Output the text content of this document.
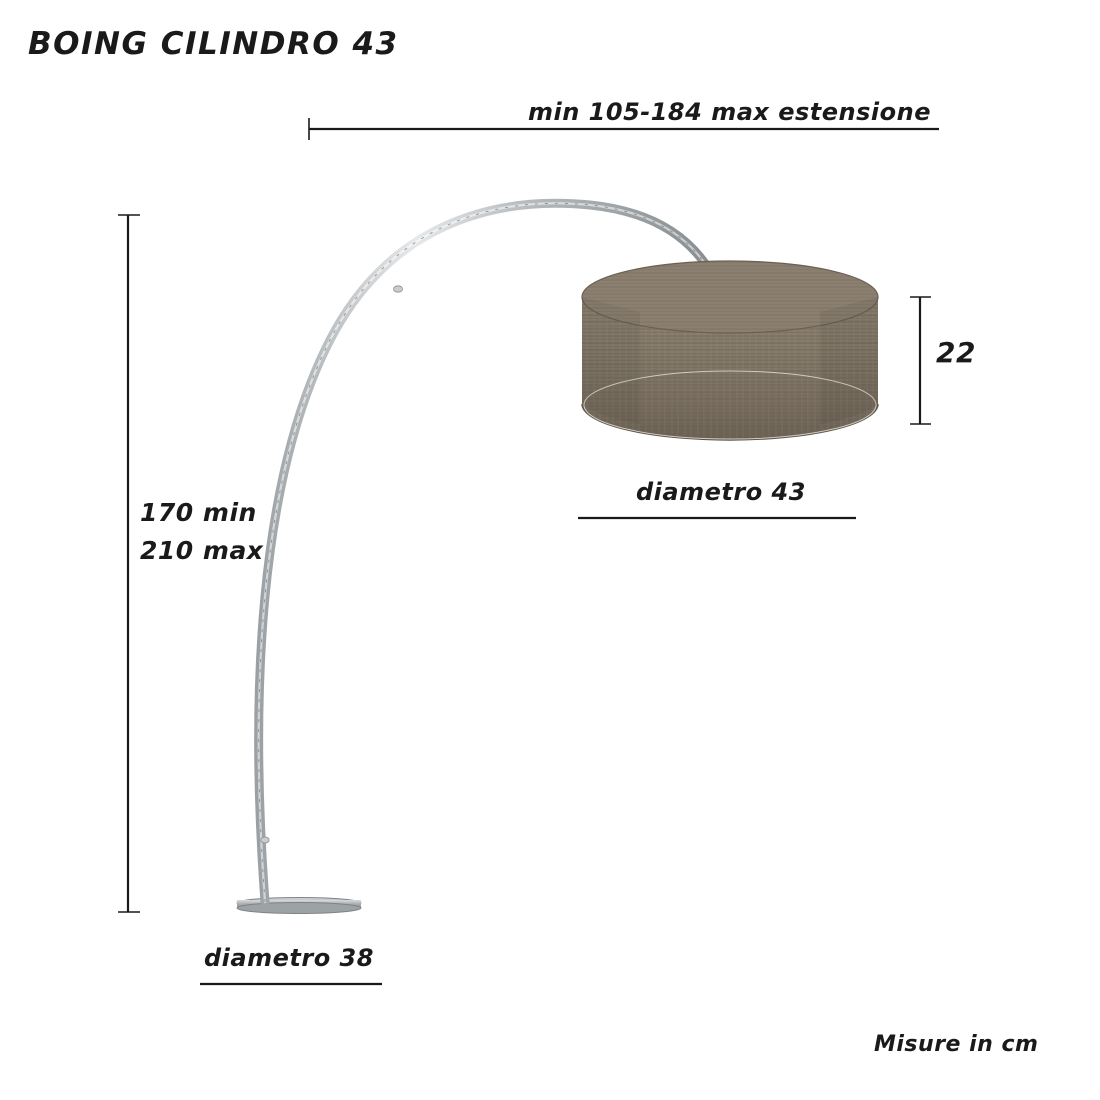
BOING CILINDRO 43
min 105-184 max estensione
170 min
210 max
22
diametro 43
diametro 38
Misure in cm
